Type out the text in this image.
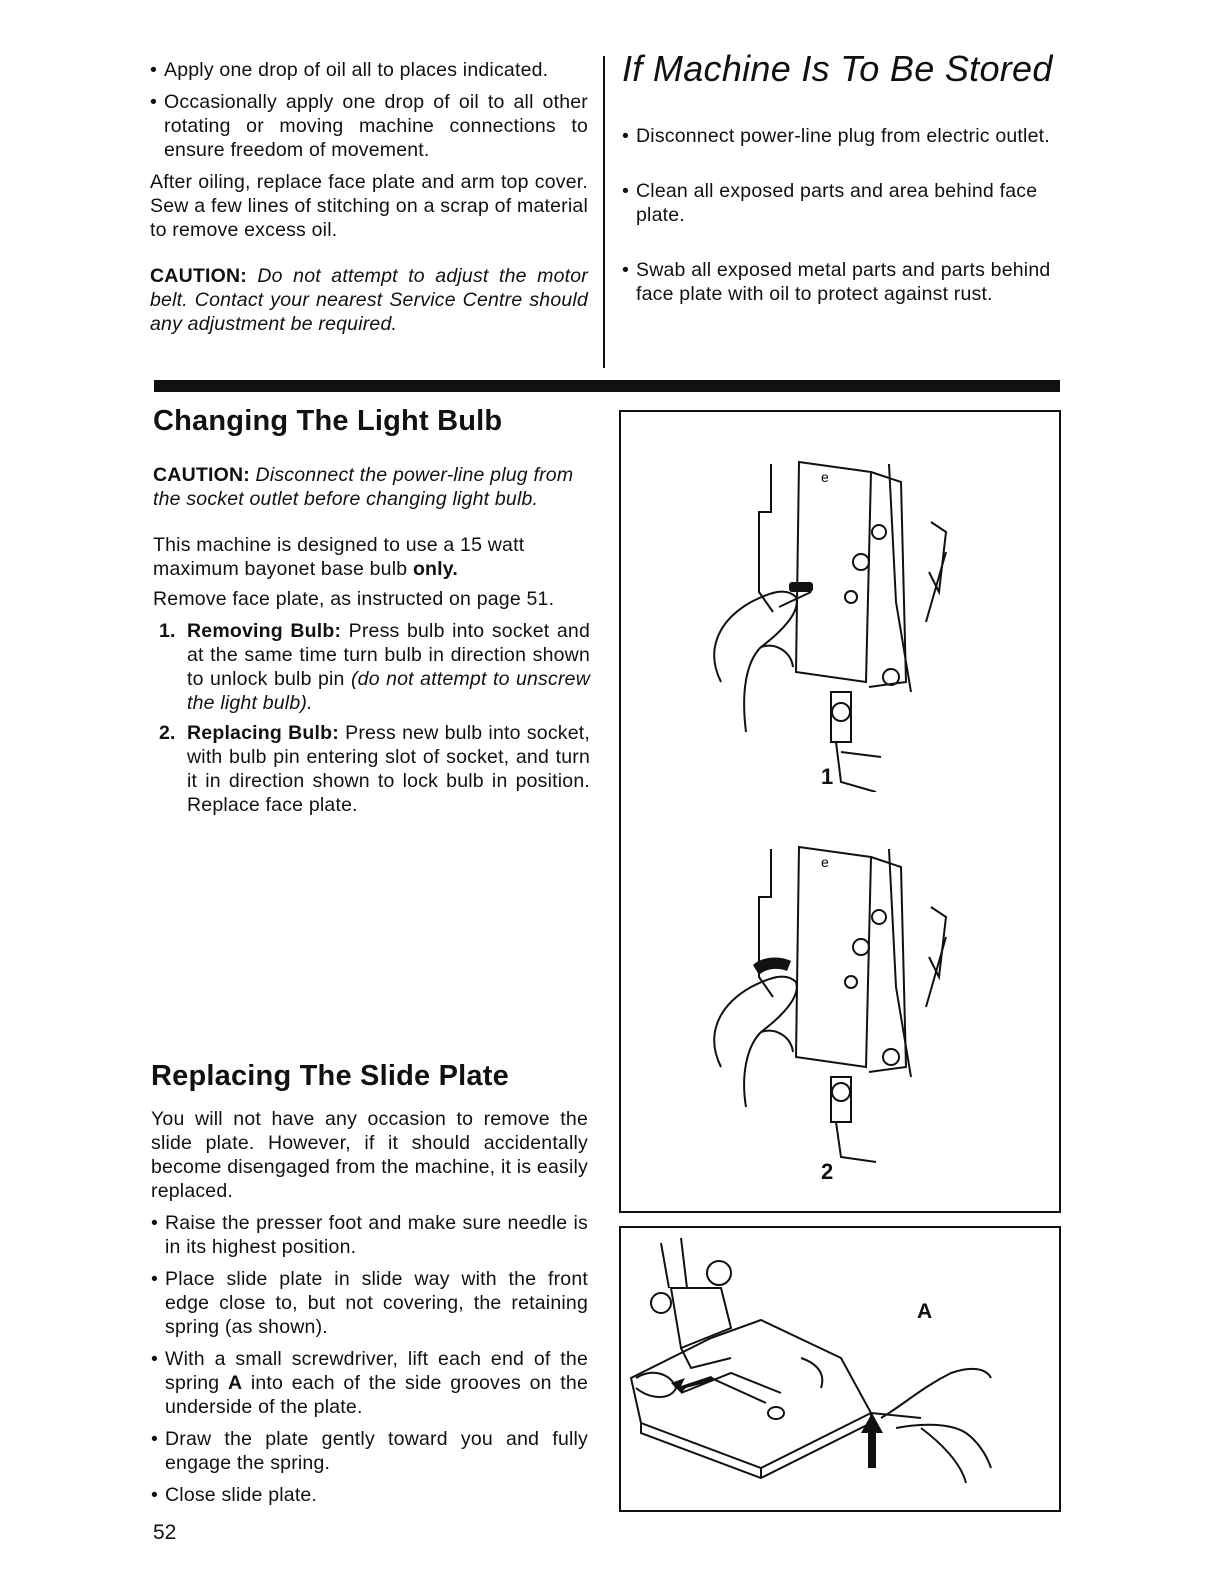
• Apply one drop of oil all to places indicated.
• Occasionally apply one drop of oil to all other rotating or moving machine connections to ensure freedom of movement.
After oiling, replace face plate and arm top cover. Sew a few lines of stitching on a scrap of material to remove excess oil.
CAUTION: Do not attempt to adjust the motor belt. Contact your nearest Service Centre should any adjustment be required.
If Machine Is To Be Stored
• Disconnect power-line plug from electric outlet.
• Clean all exposed parts and area behind face plate.
• Swab all exposed metal parts and parts behind face plate with oil to protect against rust.
Changing The Light Bulb
CAUTION: Disconnect the power-line plug from the socket outlet before changing light bulb.
This machine is designed to use a 15 watt maximum bayonet base bulb only.
Remove face plate, as instructed on page 51.
1. Removing Bulb: Press bulb into socket and at the same time turn bulb in direction shown to unlock bulb pin (do not attempt to unscrew the light bulb).
2. Replacing Bulb: Press new bulb into socket, with bulb pin entering slot of socket, and turn it in direction shown to lock bulb in position. Replace face plate.
Replacing The Slide Plate
You will not have any occasion to remove the slide plate. However, if it should accidentally become disengaged from the machine, it is easily replaced.
• Raise the presser foot and make sure needle is in its highest position.
• Place slide plate in slide way with the front edge close to, but not covering, the retaining spring (as shown).
• With a small screwdriver, lift each end of the spring A into each of the side grooves on the underside of the plate.
• Draw the plate gently toward you and fully engage the spring.
• Close slide plate.
e
1
e
2
A
52
